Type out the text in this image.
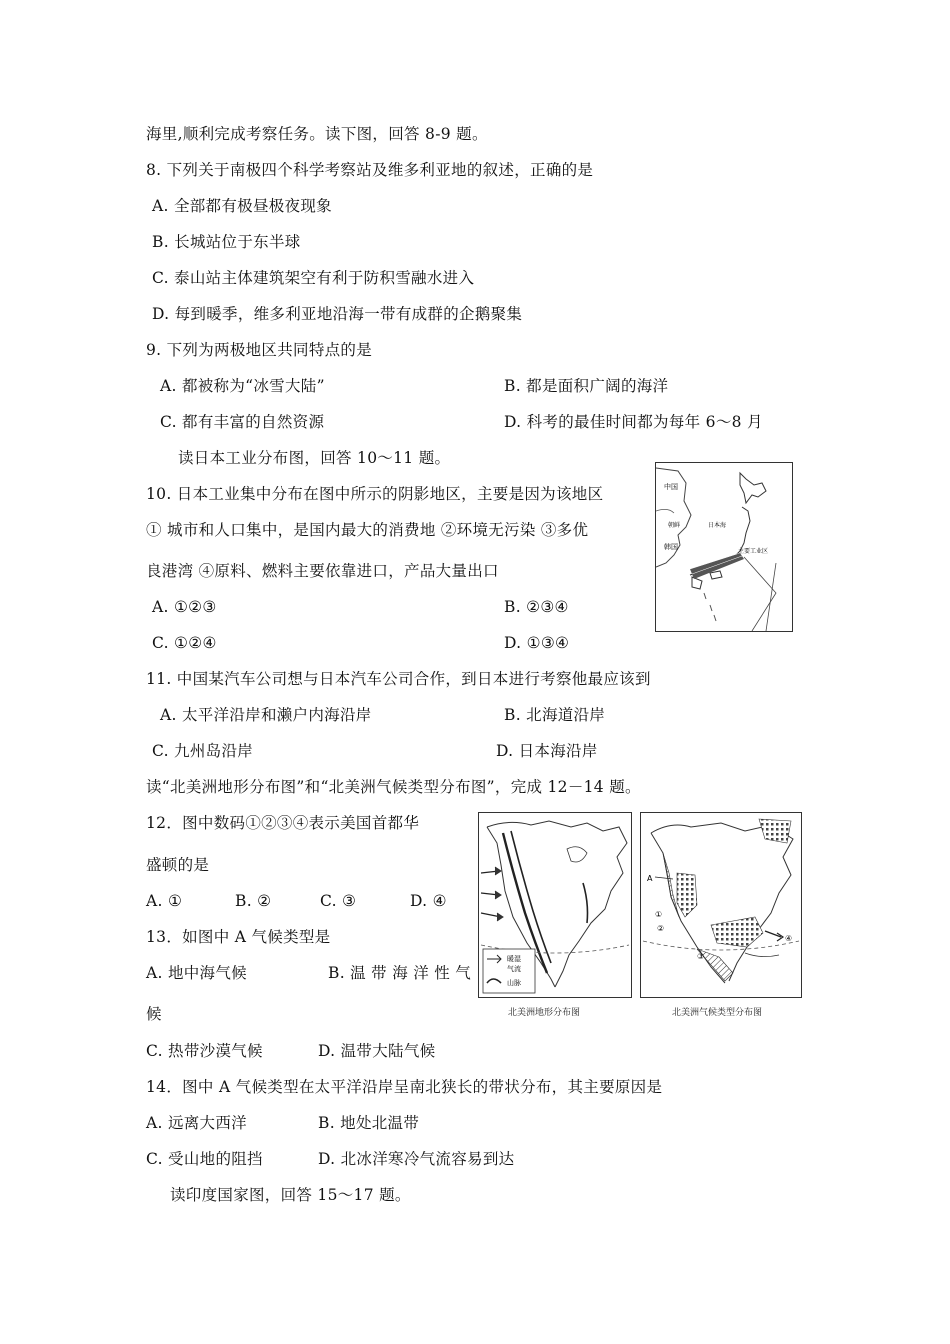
海里,顺利完成考察任务。读下图，回答 8-9 题。
8. 下列关于南极四个科学考察站及维多利亚地的叙述，正确的是
A. 全部都有极昼极夜现象
B. 长城站位于东半球
C. 泰山站主体建筑架空有利于防积雪融水进入
D. 每到暖季，维多利亚地沿海一带有成群的企鹅聚集
9. 下列为两极地区共同特点的是
A. 都被称为“冰雪大陆”	B. 都是面积广阔的海洋
C. 都有丰富的自然资源	D. 科考的最佳时间都为每年 6～8 月
读日本工业分布图，回答 10～11 题。
10. 日本工业集中分布在图中所示的阴影地区，主要是因为该地区
① 城市和人口集中，是国内最大的消费地 ②环境无污染 ③多优
良港湾 ④原料、燃料主要依靠进口，产品大量出口
A. ①②③	B. ②③④
C. ①②④	D. ①③④
中国
朝鲜
韩国
日本海
主要工业区
11. 中国某汽车公司想与日本汽车公司合作，到日本进行考察他最应该到
A. 太平洋沿岸和濑户内海沿岸	B. 北海道沿岸
C. 九州岛沿岸	D. 日本海沿岸
读“北美洲地形分布图”和“北美洲气候类型分布图”，完成 12－14 题。
12．图中数码①②③④表示美国首都华
盛顿的是
A. ①	B. ②	C. ③	D. ④
13．如图中 A 气候类型是
A. 地中海气候	B. 温 带 海 洋 性 气
候
C. 热带沙漠气候	D. 温带大陆气候
暖湿
气流
山脉
A
①
②
③
④
北美洲地形分布图	北美洲气候类型分布图
14．图中 A 气候类型在太平洋沿岸呈南北狭长的带状分布，其主要原因是
A. 远离大西洋	B. 地处北温带
C. 受山地的阻挡	D. 北冰洋寒冷气流容易到达
读印度国家图，回答 15～17 题。
